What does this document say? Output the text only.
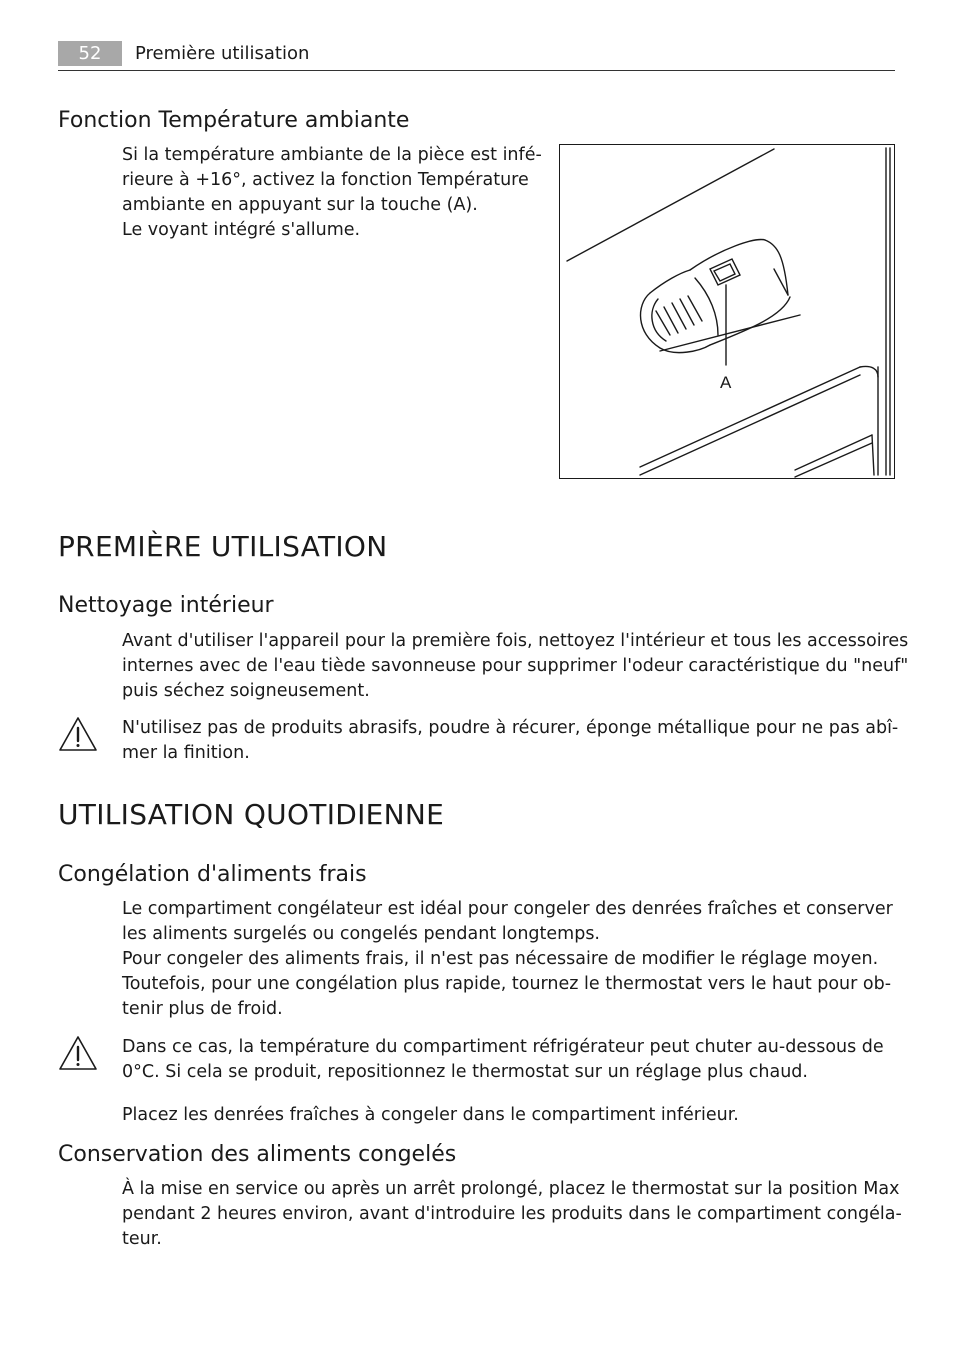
52	Première utilisation
Fonction Température ambiante

Si la température ambiante de la pièce est infé-
rieure à +16°, activez la fonction Température
ambiante en appuyant sur la touche (A).
Le voyant intégré s'allume.

A
PREMIÈRE UTILISATION
Nettoyage intérieur

Avant d'utiliser l'appareil pour la première fois, nettoyez l'intérieur et tous les accessoires
internes avec de l'eau tiède savonneuse pour supprimer l'odeur caractéristique du "neuf"
puis séchez soigneusement.

N'utilisez pas de produits abrasifs, poudre à récurer, éponge métallique pour ne pas abî-
mer la finition.

UTILISATION QUOTIDIENNE
Congélation d'aliments frais

Le compartiment congélateur est idéal pour congeler des denrées fraîches et conserver
les aliments surgelés ou congelés pendant longtemps.
Pour congeler des aliments frais, il n'est pas nécessaire de modifier le réglage moyen.
Toutefois, pour une congélation plus rapide, tournez le thermostat vers le haut pour ob-
tenir plus de froid.

Dans ce cas, la température du compartiment réfrigérateur peut chuter au-dessous de
0°C. Si cela se produit, repositionnez le thermostat sur un réglage plus chaud.

Placez les denrées fraîches à congeler dans le compartiment inférieur.

Conservation des aliments congelés

À la mise en service ou après un arrêt prolongé, placez le thermostat sur la position Max
pendant 2 heures environ, avant d'introduire les produits dans le compartiment congéla-
teur.
